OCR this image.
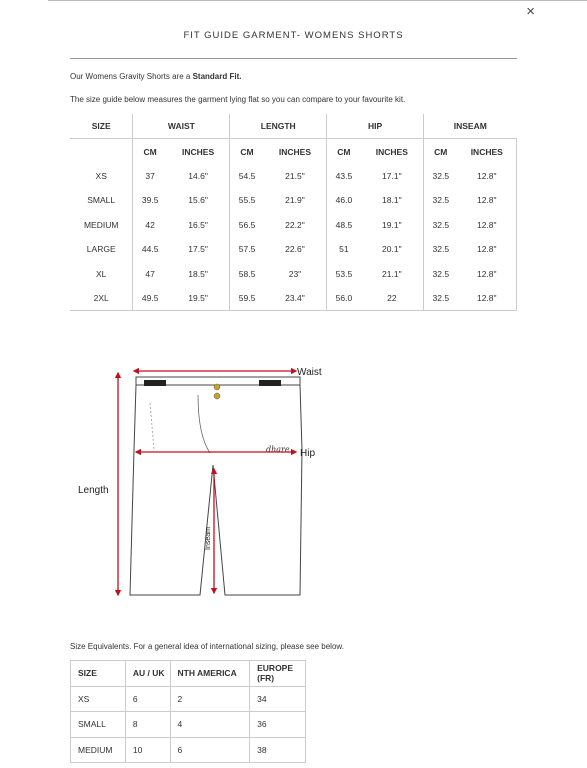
×
FIT GUIDE GARMENT- WOMENS SHORTS
Our Womens Gravity Shorts are a Standard Fit.
The size guide below measures the garment lying flat so you can compare to your favourite kit.
SIZE	WAIST		LENGTH		HIP		INSEAM	
	CM	INCHES	CM	INCHES	CM	INCHES	CM	INCHES
XS	37	14.6"	54.5	21.5"	43.5	17.1"	32.5	12.8"
SMALL	39.5	15.6"	55.5	21.9"	46.0	18.1"	32.5	12.8"
MEDIUM	42	16.5"	56.5	22.2"	48.5	19.1"	32.5	12.8"
LARGE	44.5	17.5"	57.5	22.6"	51	20.1"	32.5	12.8"
XL	47	18.5"	58.5	23"	53.5	21.1"	32.5	12.8"
2XL	49.5	19.5"	59.5	23.4"	56.0	22	32.5	12.8"
dhare
Waist
Hip
Length
Inseam
Size Equivalents. For a general idea of international sizing, please see below.
SIZE	AU / UK	NTH AMERICA	EUROPE (FR)
XS	6	2	34
SMALL	8	4	36
MEDIUM	10	6	38
